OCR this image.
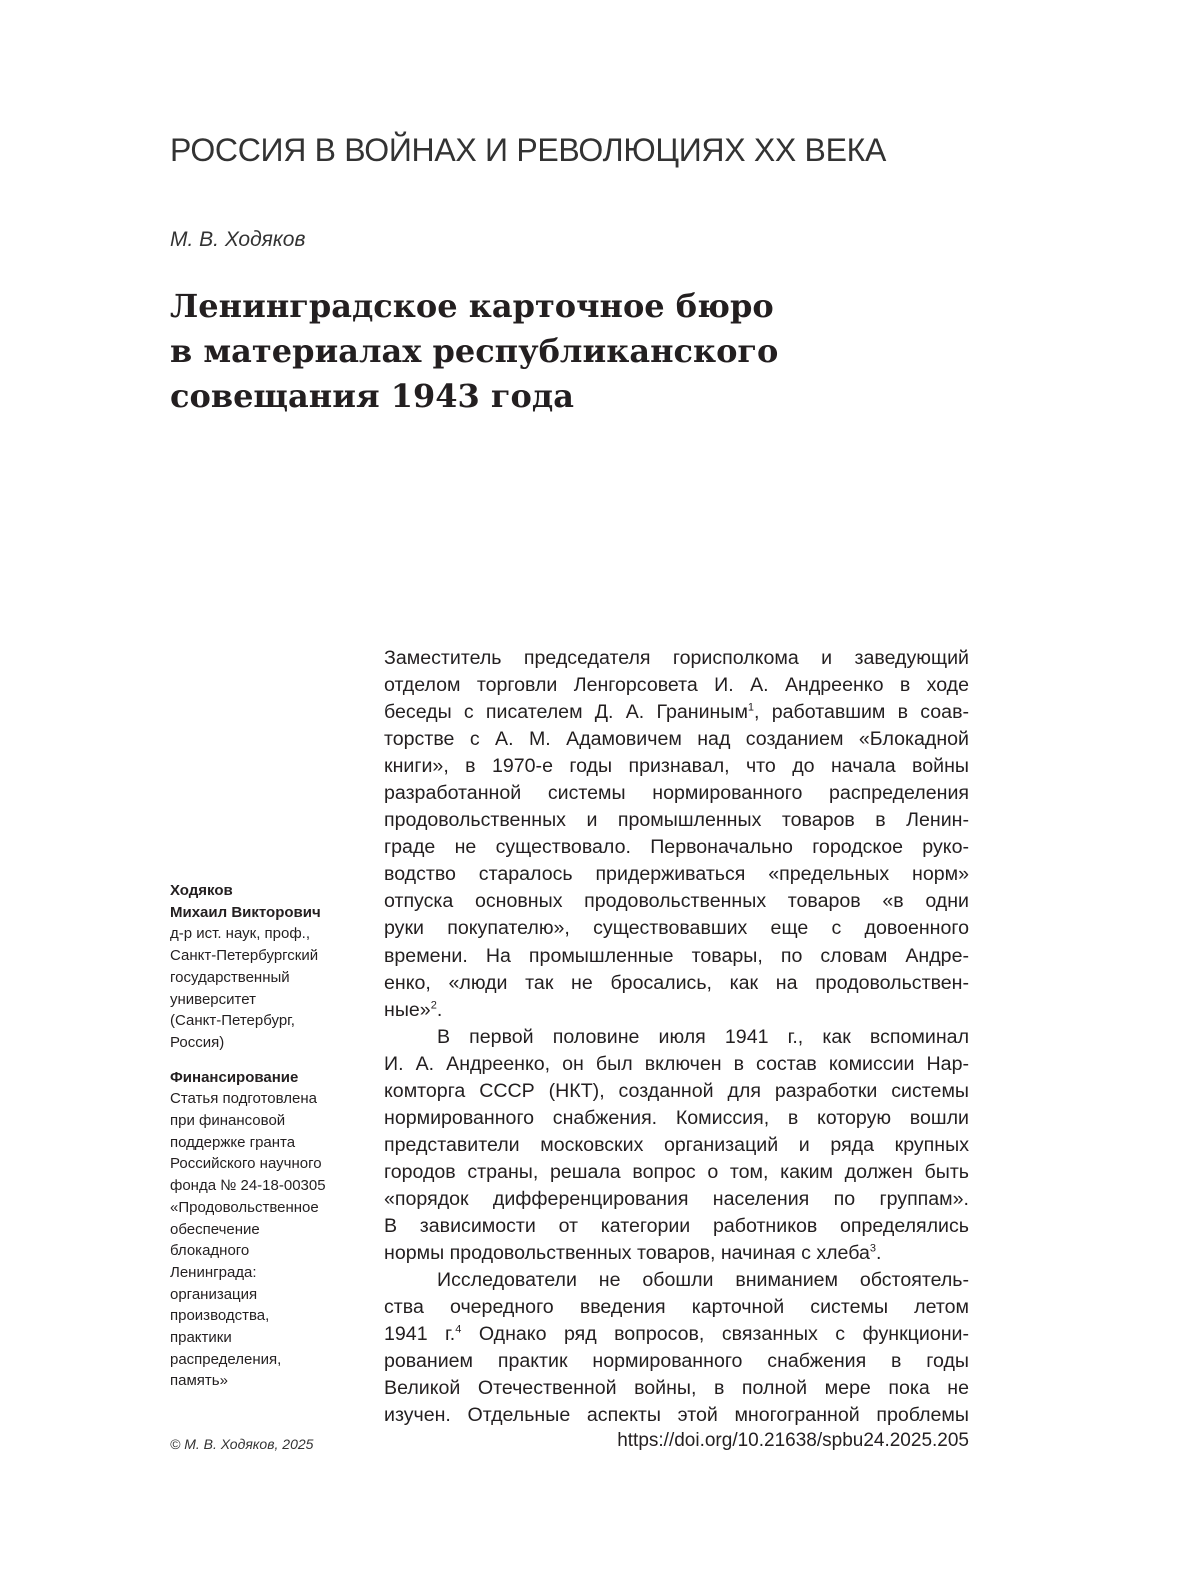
РОССИЯ В ВОЙНАХ И РЕВОЛЮЦИЯХ XX ВЕКА
М. В. Ходяков
Ленинградское карточное бюро
в материалах республиканского
совещания 1943 года
Ходяков
Михаил Викторович
д-р ист. наук, проф.,
Санкт-Петербургский
государственный
университет
(Санкт-Петербург,
Россия)
Финансирование
Статья подготовлена
при финансовой
поддержке гранта
Российского научного
фонда № 24-18-00305
«Продовольственное
обеспечение
блокадного
Ленинграда:
организация
производства,
практики
распределения,
память»
Заместитель председателя горисполкома и заведующий
отделом торговли Ленгорсовета И. А. Андреенко в ходе
беседы с писателем Д. А. Граниным$^1$, работавшим в соав-
торстве с А. М. Адамовичем над созданием «Блокадной
книги», в 1970-е годы признавал, что до начала войны
разработанной системы нормированного распределения
продовольственных и промышленных товаров в Ленин-
граде не существовало. Первоначально городское руко-
водство старалось придерживаться «предельных норм»
отпуска основных продовольственных товаров «в одни
руки покупателю», существовавших еще с довоенного
времени. На промышленные товары, по словам Андре-
енко, «люди так не бросались, как на продовольствен-
ные»$^2$.
В первой половине июля 1941 г., как вспоминал
И. А. Андреенко, он был включен в состав комиссии Нар-
комторга СССР (НКТ), созданной для разработки системы
нормированного снабжения. Комиссия, в которую вошли
представители московских организаций и ряда крупных
городов страны, решала вопрос о том, каким должен быть
«порядок дифференцирования населения по группам».
В зависимости от категории работников определялись
нормы продовольственных товаров, начиная с хлеба$^3$.
Исследователи не обошли вниманием обстоятель-
ства очередного введения карточной системы летом
1941 г.$^4$ Однако ряд вопросов, связанных с функциони-
рованием практик нормированного снабжения в годы
Великой Отечественной войны, в полной мере пока не
изучен. Отдельные аспекты этой многогранной проблемы
© М. В. Ходяков, 2025	https://doi.org/10.21638/spbu24.2025.205
